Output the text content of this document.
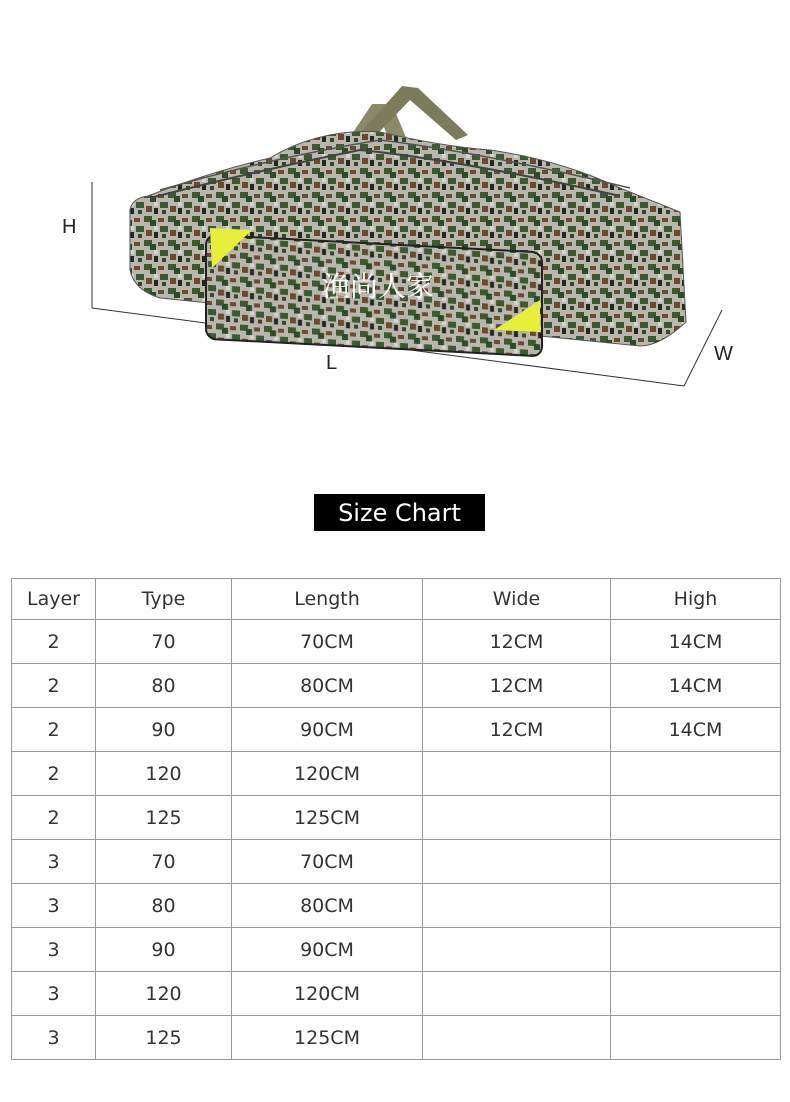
渔尚人家
H
L	W
Size Chart
Layer	Type	Length	Wide	High
2	70	70CM	12CM	14CM
2	80	80CM	12CM	14CM
2	90	90CM	12CM	14CM
2	120	120CM		
2	125	125CM		
3	70	70CM		
3	80	80CM		
3	90	90CM		
3	120	120CM		
3	125	125CM		
